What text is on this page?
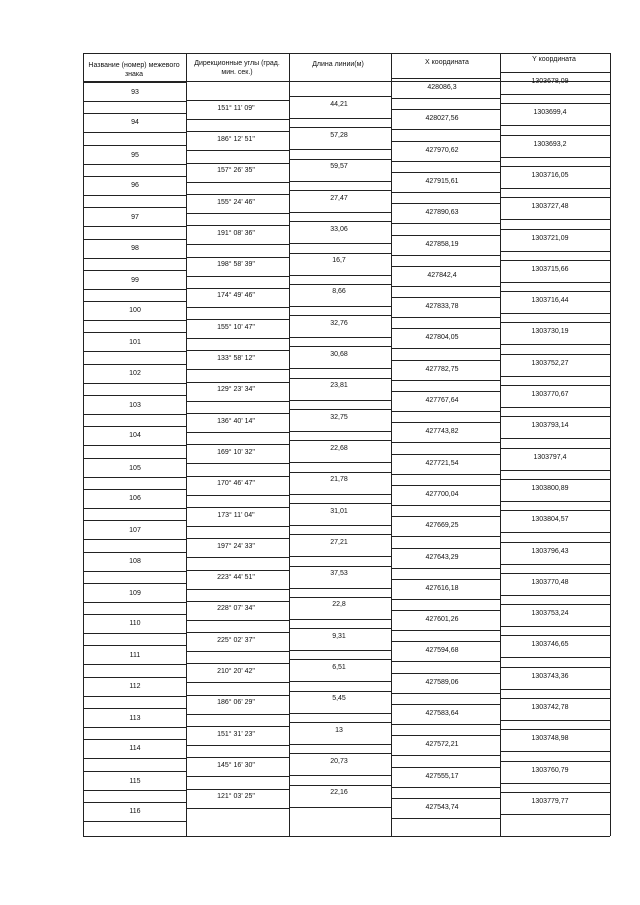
Название (номер) межевого
знака
Дирекционные углы (град.
мин. сек.)
Длина линии(м)	X координата	Y координата
93
428086,3
1303678,09
94
428027,56
1303699,4
95
427970,62
1303693,2
96
427915,61
1303716,05
97
427890,63
1303727,48
98
427858,19
1303721,09
99
427842,4
1303715,66
100
427833,78
1303716,44
101
427804,05
1303730,19
102
427782,75
1303752,27
103
427767,64
1303770,67
104
427743,82
1303793,14
105
427721,54
1303797,4
106
427700,04
1303800,89
107
427669,25
1303804,57
108
427643,29
1303796,43
109
427616,18
1303770,48
110
427601,26
1303753,24
111
427594,68
1303746,65
112
427589,06
1303743,36
113
427583,64
1303742,78
114
427572,21
1303748,98
115
427555,17
1303760,79
116
427543,74
1303779,77
151° 11' 09"
44,21
186° 12' 51"
57,28
157° 26' 35"
59,57
155° 24' 46"
27,47
191° 08' 36"
33,06
198° 58' 39"
16,7
174° 49' 46"
8,66
155° 10' 47"
32,76
133° 58' 12"
30,68
129° 23' 34"
23,81
136° 40' 14"
32,75
169° 10' 32"
22,68
170° 46' 47"
21,78
173° 11' 04"
31,01
197° 24' 33"
27,21
223° 44' 51"
37,53
228° 07' 34"
22,8
225° 02' 37"
9,31
210° 20' 42"
6,51
186° 06' 29"
5,45
151° 31' 23"
13
145° 16' 30"
20,73
121° 03' 25"
22,16
